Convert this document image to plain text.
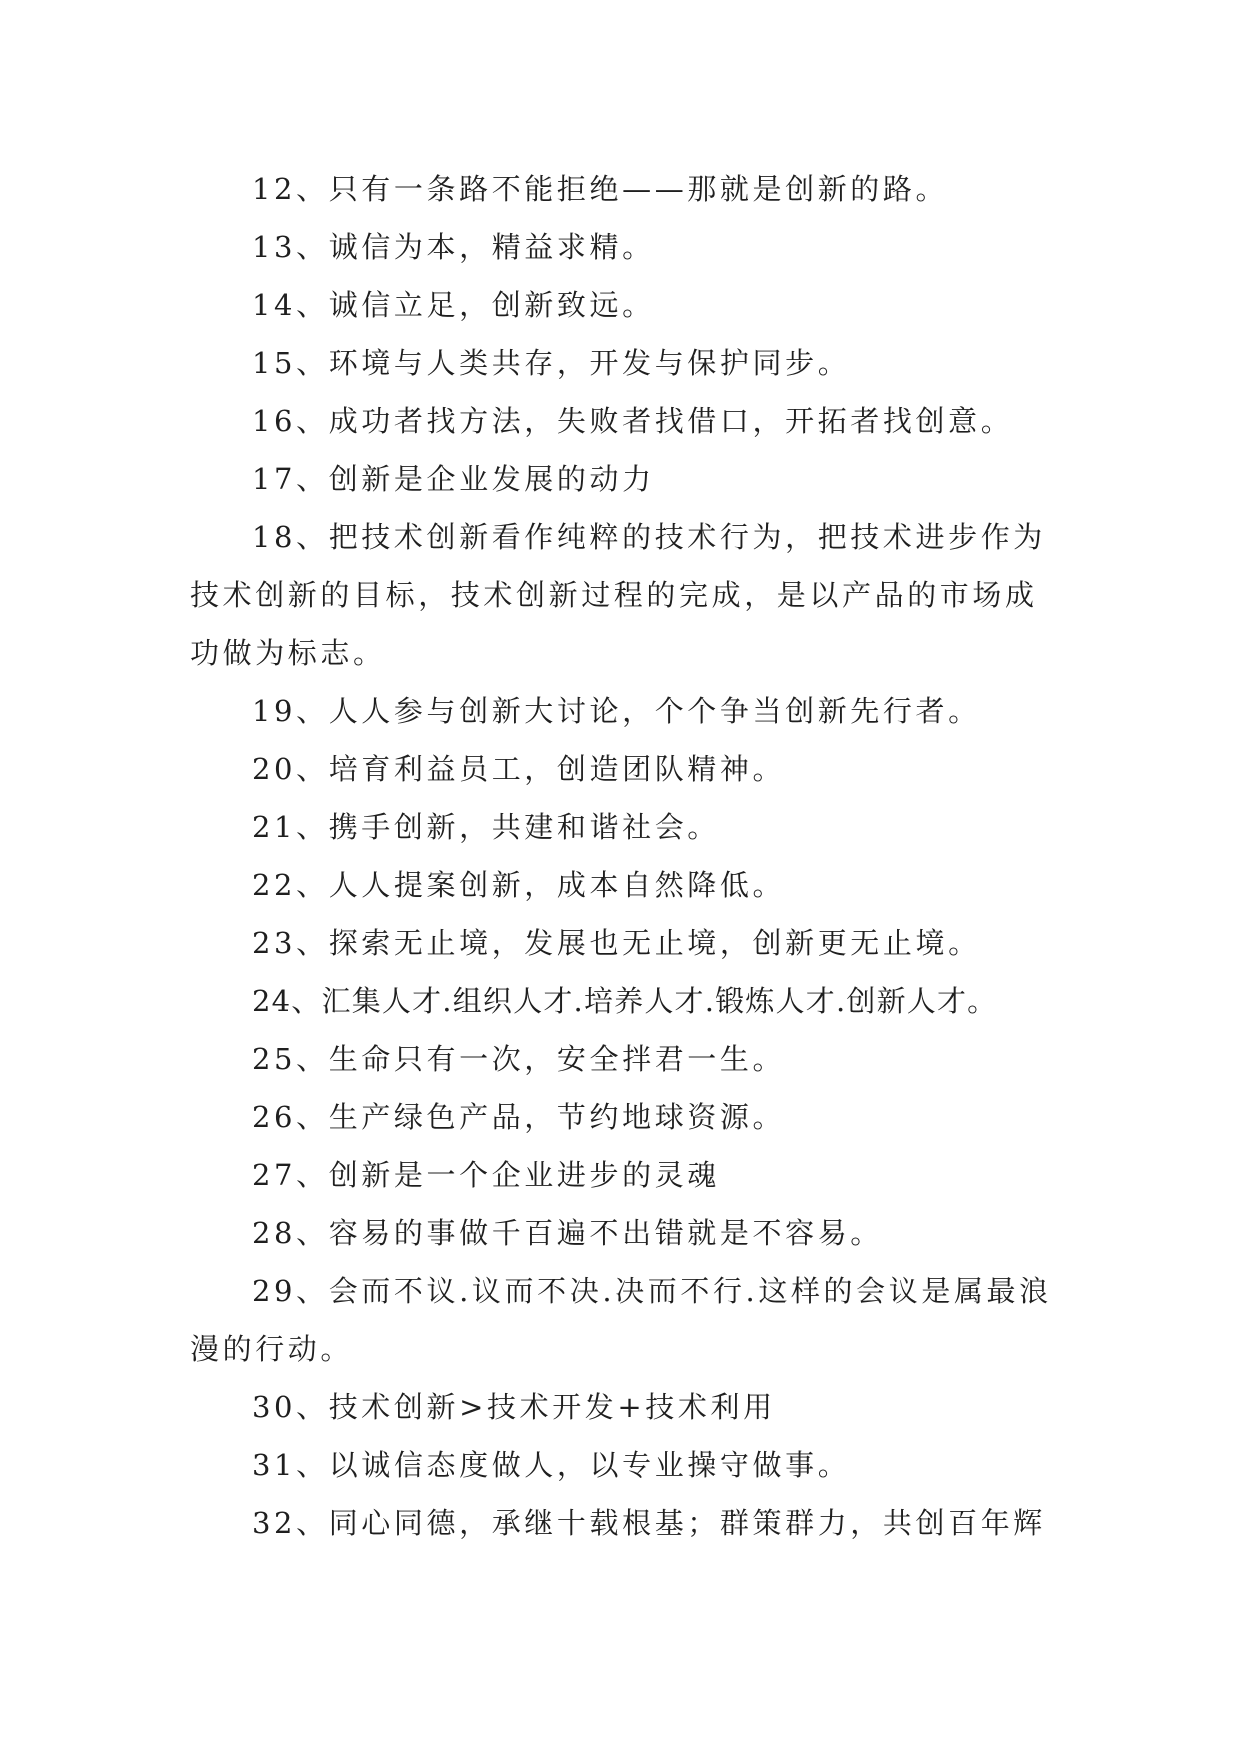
12、只有一条路不能拒绝——那就是创新的路。

13、诚信为本，精益求精。

14、诚信立足，创新致远。

15、环境与人类共存，开发与保护同步。

16、成功者找方法，失败者找借口，开拓者找创意。

17、创新是企业发展的动力

18、把技术创新看作纯粹的技术行为，把技术进步作为技术创新的目标，技术创新过程的完成，是以产品的市场成功做为标志。

19、人人参与创新大讨论，个个争当创新先行者。

20、培育利益员工，创造团队精神。

21、携手创新，共建和谐社会。

22、人人提案创新，成本自然降低。

23、探索无止境，发展也无止境，创新更无止境。

24、汇集人才.组织人才.培养人才.锻炼人才.创新人才。

25、生命只有一次，安全拌君一生。

26、生产绿色产品，节约地球资源。

27、创新是一个企业进步的灵魂

28、容易的事做千百遍不出错就是不容易。

29、会而不议.议而不决.决而不行.这样的会议是属最浪漫的行动。

30、技术创新>技术开发+技术利用

31、以诚信态度做人，以专业操守做事。

32、同心同德，承继十载根基；群策群力，共创百年辉
